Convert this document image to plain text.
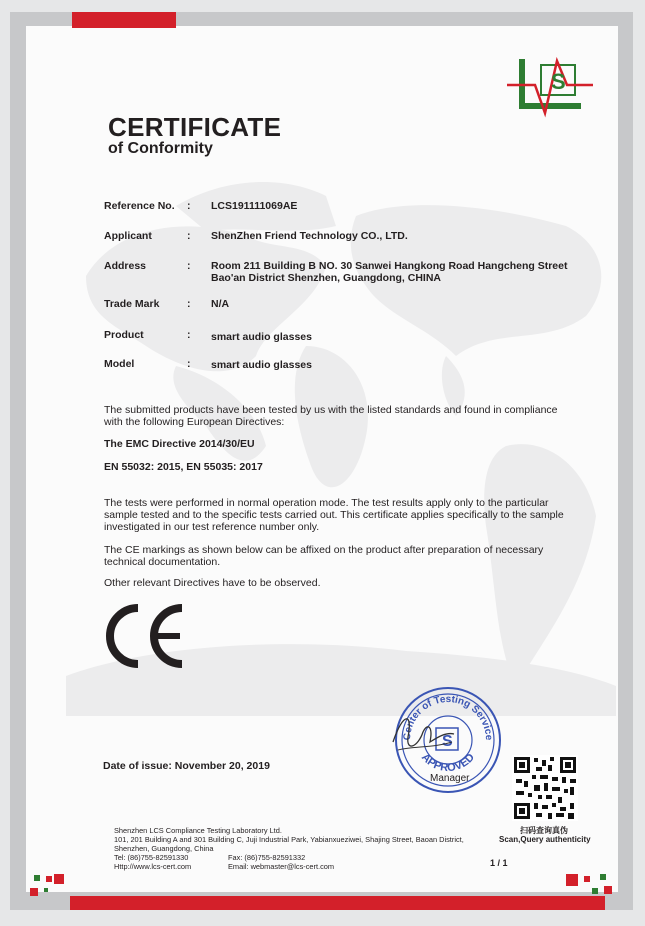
S
CERTIFICATE
of Conformity
Reference No. : LCS191111069AE
Applicant	: ShenZhen Friend Technology CO., LTD.
Address	: Room 211 Building B NO. 30 Sanwei Hangkong Road Hangcheng Street
Bao'an District Shenzhen, Guangdong, CHINA
Trade Mark	: N/A
Product	: smart audio glasses
Model	: smart audio glasses
The submitted products have been tested by us with the listed standards and found in compliance
with the following European Directives:
The EMC Directive 2014/30/EU
EN 55032: 2015, EN 55035: 2017
The tests were performed in normal operation mode. The test results apply only to the particular
sample tested and to the specific tests carried out. This certificate applies specifically to the sample
investigated in our test reference number only.
The CE markings as shown below can be affixed on the product after preparation of necessary
technical documentation.
Other relevant Directives have to be observed.
Center of Testing Service
APPROVED
S
Manager
Date of issue: November 20, 2019
扫码查询真伪
Scan,Query authenticity
Shenzhen LCS Compliance Testing Laboratory Ltd.
101, 201 Building A and 301 Building C, Juji Industrial Park, Yabianxueziwei, Shajing Street, Baoan District,
Shenzhen, Guangdong, China
Tel: (86)755-82591330	Fax: (86)755-82591332
Http://www.lcs-cert.com	Email: webmaster@lcs-cert.com	1 / 1
